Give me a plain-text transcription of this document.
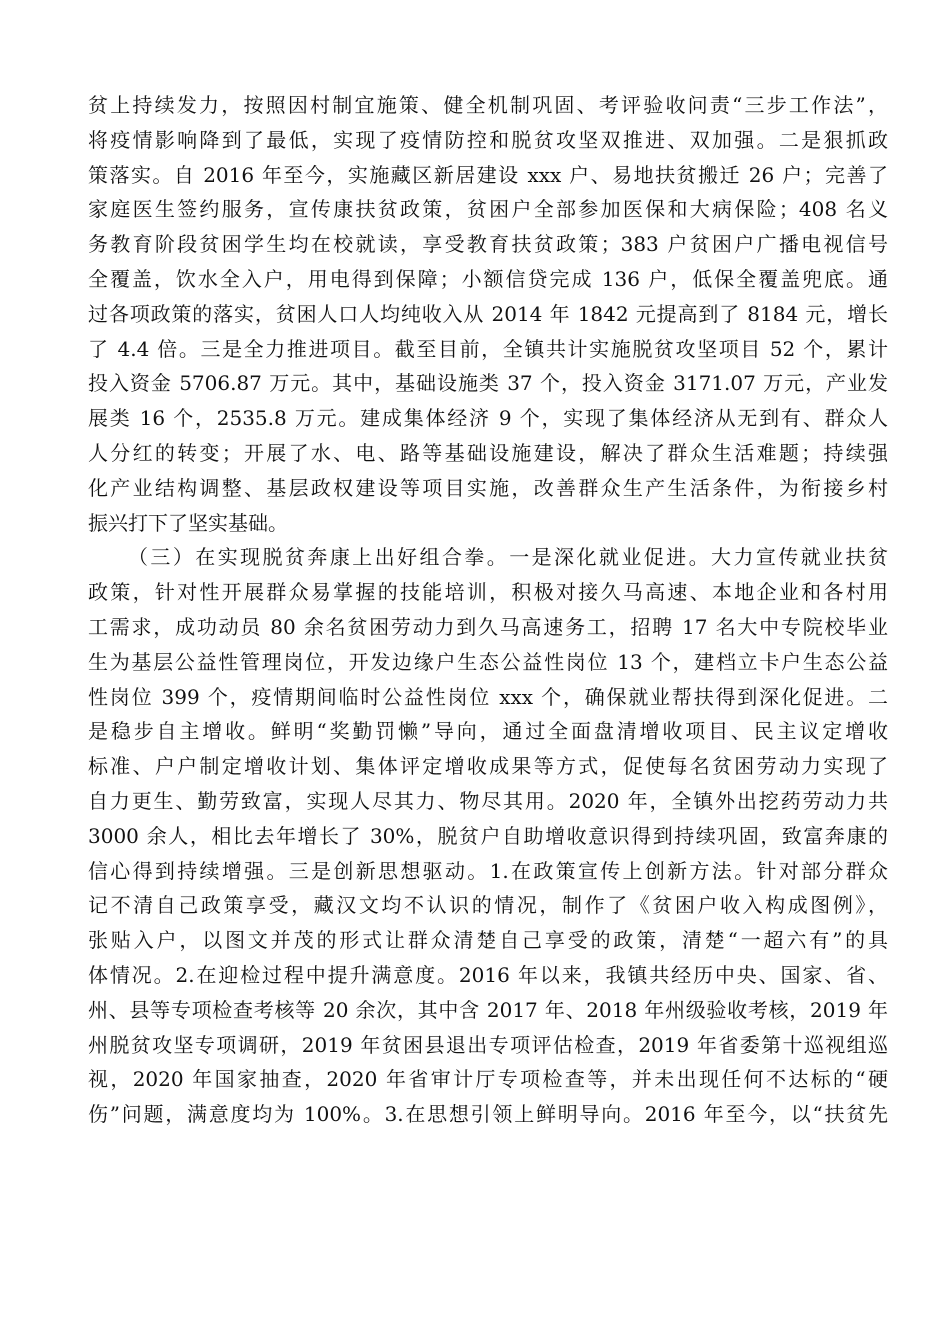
贫上持续发力，按照因村制宜施策、健全机制巩固、考评验收问责“三步工作法”，
将疫情影响降到了最低，实现了疫情防控和脱贫攻坚双推进、双加强。二是狠抓政
策落实。自 2016 年至今，实施藏区新居建设 xxx 户、易地扶贫搬迁 26 户；完善了
家庭医生签约服务，宣传康扶贫政策，贫困户全部参加医保和大病保险；408 名义
务教育阶段贫困学生均在校就读，享受教育扶贫政策；383 户贫困户广播电视信号
全覆盖，饮水全入户，用电得到保障；小额信贷完成 136 户，低保全覆盖兜底。通
过各项政策的落实，贫困人口人均纯收入从 2014 年 1842 元提高到了 8184 元，增长
了 4.4 倍。三是全力推进项目。截至目前，全镇共计实施脱贫攻坚项目 52 个，累计
投入资金 5706.87 万元。其中，基础设施类 37 个，投入资金 3171.07 万元，产业发
展类 16 个，2535.8 万元。建成集体经济 9 个，实现了集体经济从无到有、群众人
人分红的转变；开展了水、电、路等基础设施建设，解决了群众生活难题；持续强
化产业结构调整、基层政权建设等项目实施，改善群众生产生活条件，为衔接乡村
振兴打下了坚实基础。
（三）在实现脱贫奔康上出好组合拳。一是深化就业促进。大力宣传就业扶贫
政策，针对性开展群众易掌握的技能培训，积极对接久马高速、本地企业和各村用
工需求，成功动员 80 余名贫困劳动力到久马高速务工，招聘 17 名大中专院校毕业
生为基层公益性管理岗位，开发边缘户生态公益性岗位 13 个，建档立卡户生态公益
性岗位 399 个，疫情期间临时公益性岗位 xxx 个，确保就业帮扶得到深化促进。二
是稳步自主增收。鲜明“奖勤罚懒”导向，通过全面盘清增收项目、民主议定增收
标准、户户制定增收计划、集体评定增收成果等方式，促使每名贫困劳动力实现了
自力更生、勤劳致富，实现人尽其力、物尽其用。2020 年，全镇外出挖药劳动力共
3000 余人，相比去年增长了 30%，脱贫户自助增收意识得到持续巩固，致富奔康的
信心得到持续增强。三是创新思想驱动。1.在政策宣传上创新方法。针对部分群众
记不清自己政策享受，藏汉文均不认识的情况，制作了《贫困户收入构成图例》，
张贴入户，以图文并茂的形式让群众清楚自己享受的政策，清楚“一超六有”的具
体情况。2.在迎检过程中提升满意度。2016 年以来，我镇共经历中央、国家、省、
州、县等专项检查考核等 20 余次，其中含 2017 年、2018 年州级验收考核，2019 年
州脱贫攻坚专项调研，2019 年贫困县退出专项评估检查，2019 年省委第十巡视组巡
视，2020 年国家抽查，2020 年省审计厅专项检查等，并未出现任何不达标的“硬
伤”问题，满意度均为 100%。3.在思想引领上鲜明导向。2016 年至今，以“扶贫先
